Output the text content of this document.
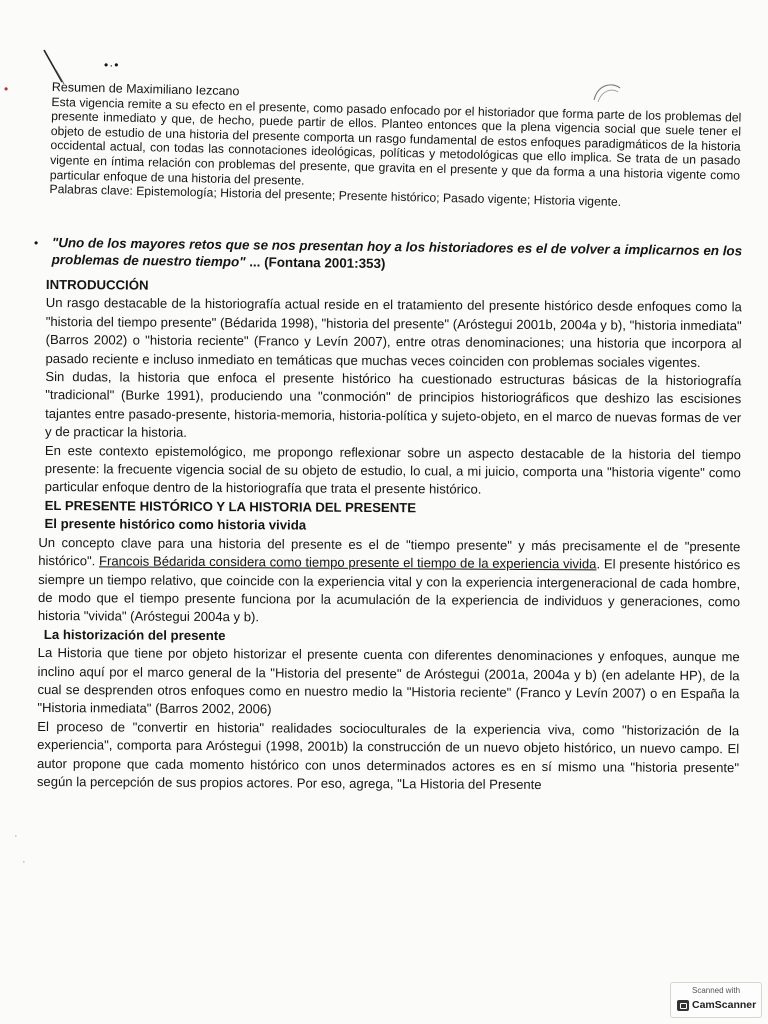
•
•·•
•
·
·

Resumen de Maximiliano Iezcano

Esta vigencia remite a su efecto en el presente, como pasado enfocado por el historiador que forma parte de los problemas del presente inmediato y que, de hecho, puede partir de ellos. Planteo entonces que la plena vigencia social que suele tener el objeto de estudio de una historia del presente comporta un rasgo fundamental de estos enfoques paradigmáticos de la historia occidental actual, con todas las connotaciones ideológicas, políticas y metodológicas que ello implica. Se trata de un pasado vigente en íntima relación con problemas del presente, que gravita en el presente y que da forma a una historia vigente como particular enfoque de una historia del presente.

Palabras clave: Epistemología; Historia del presente; Presente histórico; Pasado vigente; Historia vigente.

"Uno de los mayores retos que se nos presentan hoy a los historiadores es el de volver a implicarnos en los problemas de nuestro tiempo" ... (Fontana 2001:353)

INTRODUCCIÓN

Un rasgo destacable de la historiografía actual reside en el tratamiento del presente histórico desde enfoques como la "historia del tiempo presente" (Bédarida 1998), "historia del presente" (Aróstegui 2001b, 2004a y b), "historia inmediata" (Barros 2002) o "historia reciente" (Franco y Levín 2007), entre otras denominaciones; una historia que incorpora al pasado reciente e incluso inmediato en temáticas que muchas veces coinciden con problemas sociales vigentes.

Sin dudas, la historia que enfoca el presente histórico ha cuestionado estructuras básicas de la historiografía "tradicional" (Burke 1991), produciendo una "conmoción" de principios historiográficos que deshizo las escisiones tajantes entre pasado-presente, historia-memoria, historia-política y sujeto-objeto, en el marco de nuevas formas de ver y de practicar la historia.

En este contexto epistemológico, me propongo reflexionar sobre un aspecto destacable de la historia del tiempo presente: la frecuente vigencia social de su objeto de estudio, lo cual, a mi juicio, comporta una "historia vigente" como particular enfoque dentro de la historiografía que trata el presente histórico.

EL PRESENTE HISTÓRICO Y LA HISTORIA DEL PRESENTE

El presente histórico como historia vivida

Un concepto clave para una historia del presente es el de "tiempo presente" y más precisamente el de "presente histórico". Francois Bédarida considera como tiempo presente el tiempo de la experiencia vivida. El presente histórico es siempre un tiempo relativo, que coincide con la experiencia vital y con la experiencia intergeneracional de cada hombre, de modo que el tiempo presente funciona por la acumulación de la experiencia de individuos y generaciones, como historia "vivida" (Aróstegui 2004a y b).

La historización del presente

La Historia que tiene por objeto historizar el presente cuenta con diferentes denominaciones y enfoques, aunque me inclino aquí por el marco general de la "Historia del presente" de Aróstegui (2001a, 2004a y b) (en adelante HP), de la cual se desprenden otros enfoques como en nuestro medio la "Historia reciente" (Franco y Levín 2007) o en España la "Historia inmediata" (Barros 2002, 2006)

El proceso de "convertir en historia" realidades socioculturales de la experiencia viva, como "historización de la experiencia", comporta para Aróstegui (1998, 2001b) la construcción de un nuevo objeto histórico, un nuevo campo. El autor propone que cada momento histórico con unos determinados actores es en sí mismo una "historia presente" según la percepción de sus propios actores. Por eso, agrega, "La Historia del Presente

Scanned with
CamScanner
